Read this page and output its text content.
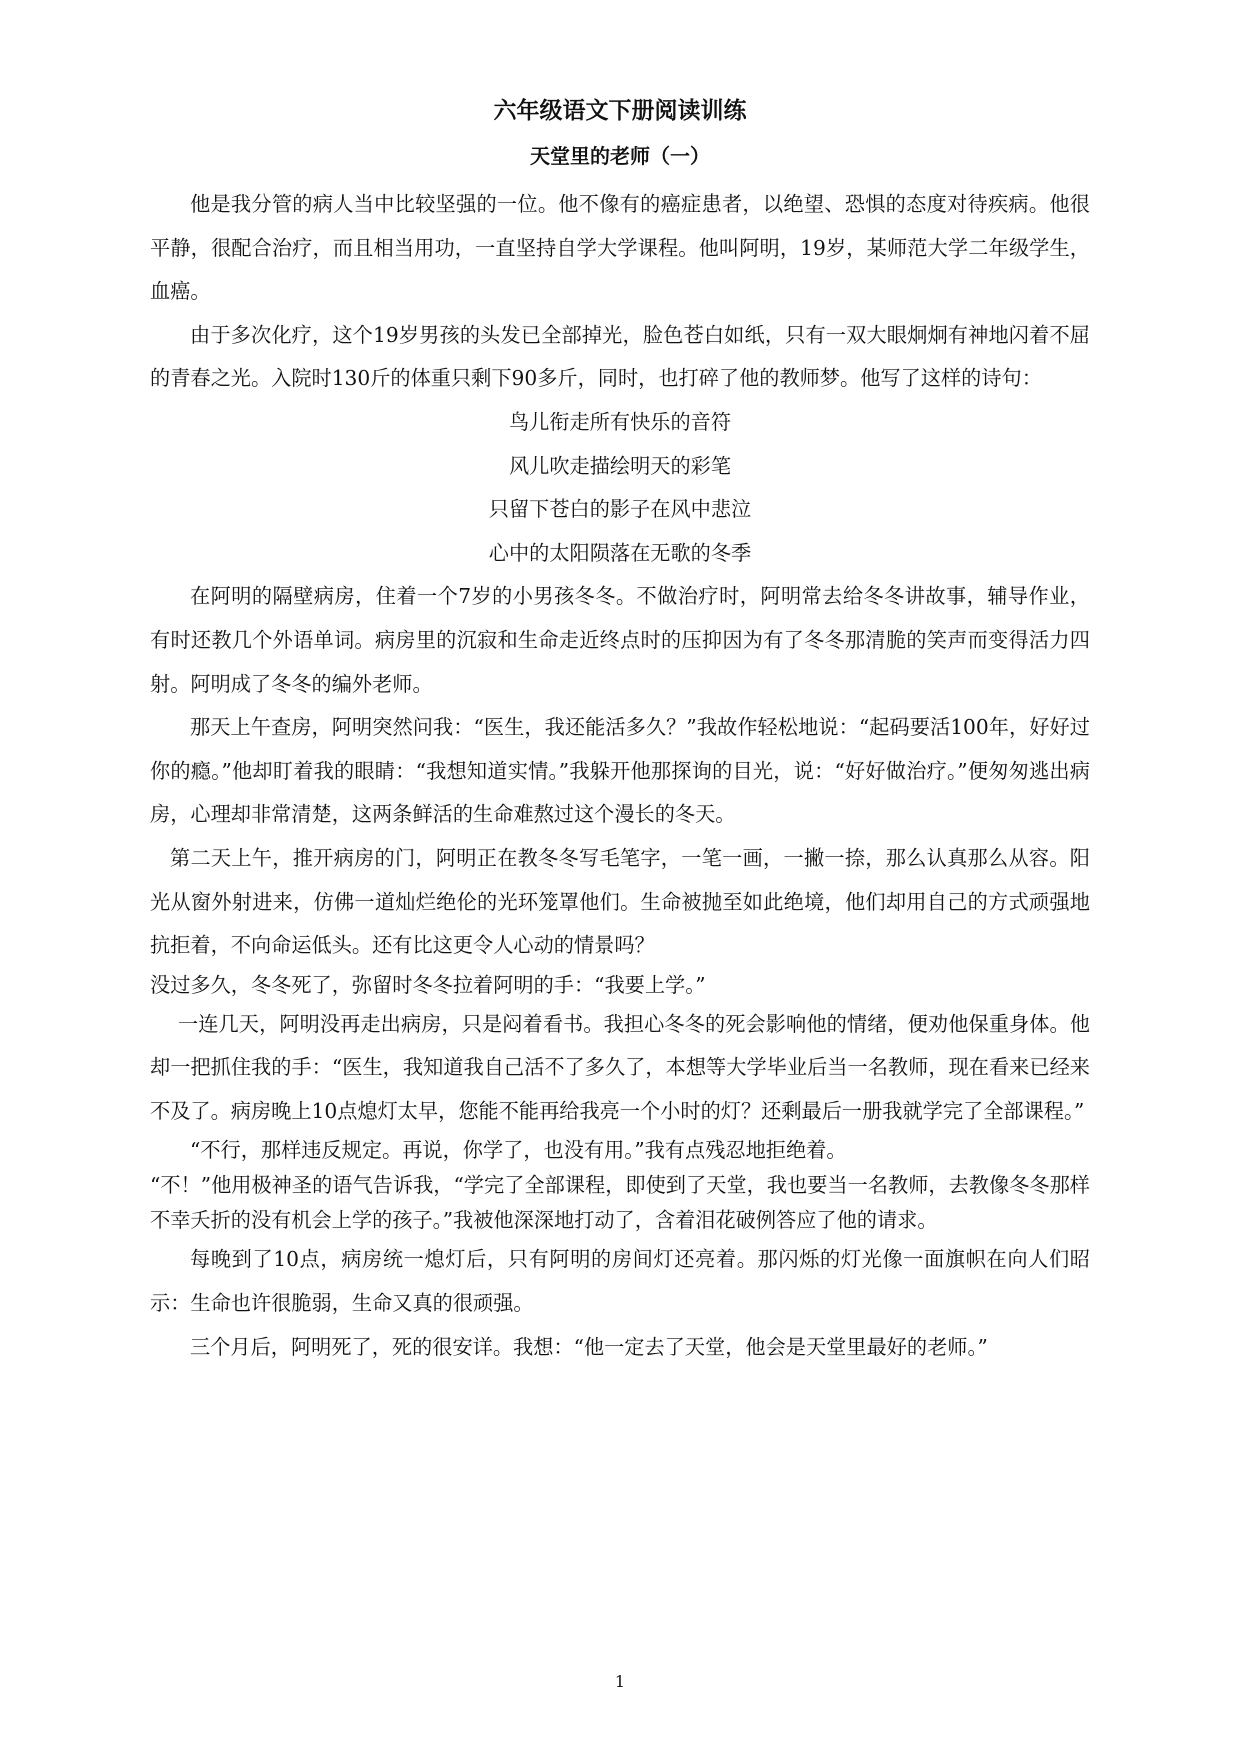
六年级语文下册阅读训练
天堂里的老师（一）

他是我分管的病人当中比较坚强的一位。他不像有的癌症患者，以绝望、恐惧的态度对待疾病。他很平静，很配合治疗，而且相当用功，一直坚持自学大学课程。他叫阿明，19岁，某师范大学二年级学生，血癌。

由于多次化疗，这个19岁男孩的头发已全部掉光，脸色苍白如纸，只有一双大眼炯炯有神地闪着不屈的青春之光。入院时130斤的体重只剩下90多斤，同时，也打碎了他的教师梦。他写了这样的诗句：

鸟儿衔走所有快乐的音符

风儿吹走描绘明天的彩笔

只留下苍白的影子在风中悲泣

心中的太阳陨落在无歌的冬季

在阿明的隔壁病房，住着一个7岁的小男孩冬冬。不做治疗时，阿明常去给冬冬讲故事，辅导作业，有时还教几个外语单词。病房里的沉寂和生命走近终点时的压抑因为有了冬冬那清脆的笑声而变得活力四射。阿明成了冬冬的编外老师。

那天上午查房，阿明突然问我：“医生，我还能活多久？”我故作轻松地说：“起码要活100年，好好过你的瘾。”他却盯着我的眼睛：“我想知道实情。”我躲开他那探询的目光，说：“好好做治疗。”便匆匆逃出病房，心理却非常清楚，这两条鲜活的生命难熬过这个漫长的冬天。

第二天上午，推开病房的门，阿明正在教冬冬写毛笔字，一笔一画，一撇一捺，那么认真那么从容。阳光从窗外射进来，仿佛一道灿烂绝伦的光环笼罩他们。生命被抛至如此绝境，他们却用自己的方式顽强地抗拒着，不向命运低头。还有比这更令人心动的情景吗？

没过多久，冬冬死了，弥留时冬冬拉着阿明的手：“我要上学。”

一连几天，阿明没再走出病房，只是闷着看书。我担心冬冬的死会影响他的情绪，便劝他保重身体。他却一把抓住我的手：“医生，我知道我自己活不了多久了，本想等大学毕业后当一名教师，现在看来已经来不及了。病房晚上10点熄灯太早，您能不能再给我亮一个小时的灯？还剩最后一册我就学完了全部课程。”

“不行，那样违反规定。再说，你学了，也没有用。”我有点残忍地拒绝着。

“不！”他用极神圣的语气告诉我，“学完了全部课程，即使到了天堂，我也要当一名教师，去教像冬冬那样不幸夭折的没有机会上学的孩子。”我被他深深地打动了，含着泪花破例答应了他的请求。

每晚到了10点，病房统一熄灯后，只有阿明的房间灯还亮着。那闪烁的灯光像一面旗帜在向人们昭示：生命也许很脆弱，生命又真的很顽强。

三个月后，阿明死了，死的很安详。我想：“他一定去了天堂，他会是天堂里最好的老师。”

1
